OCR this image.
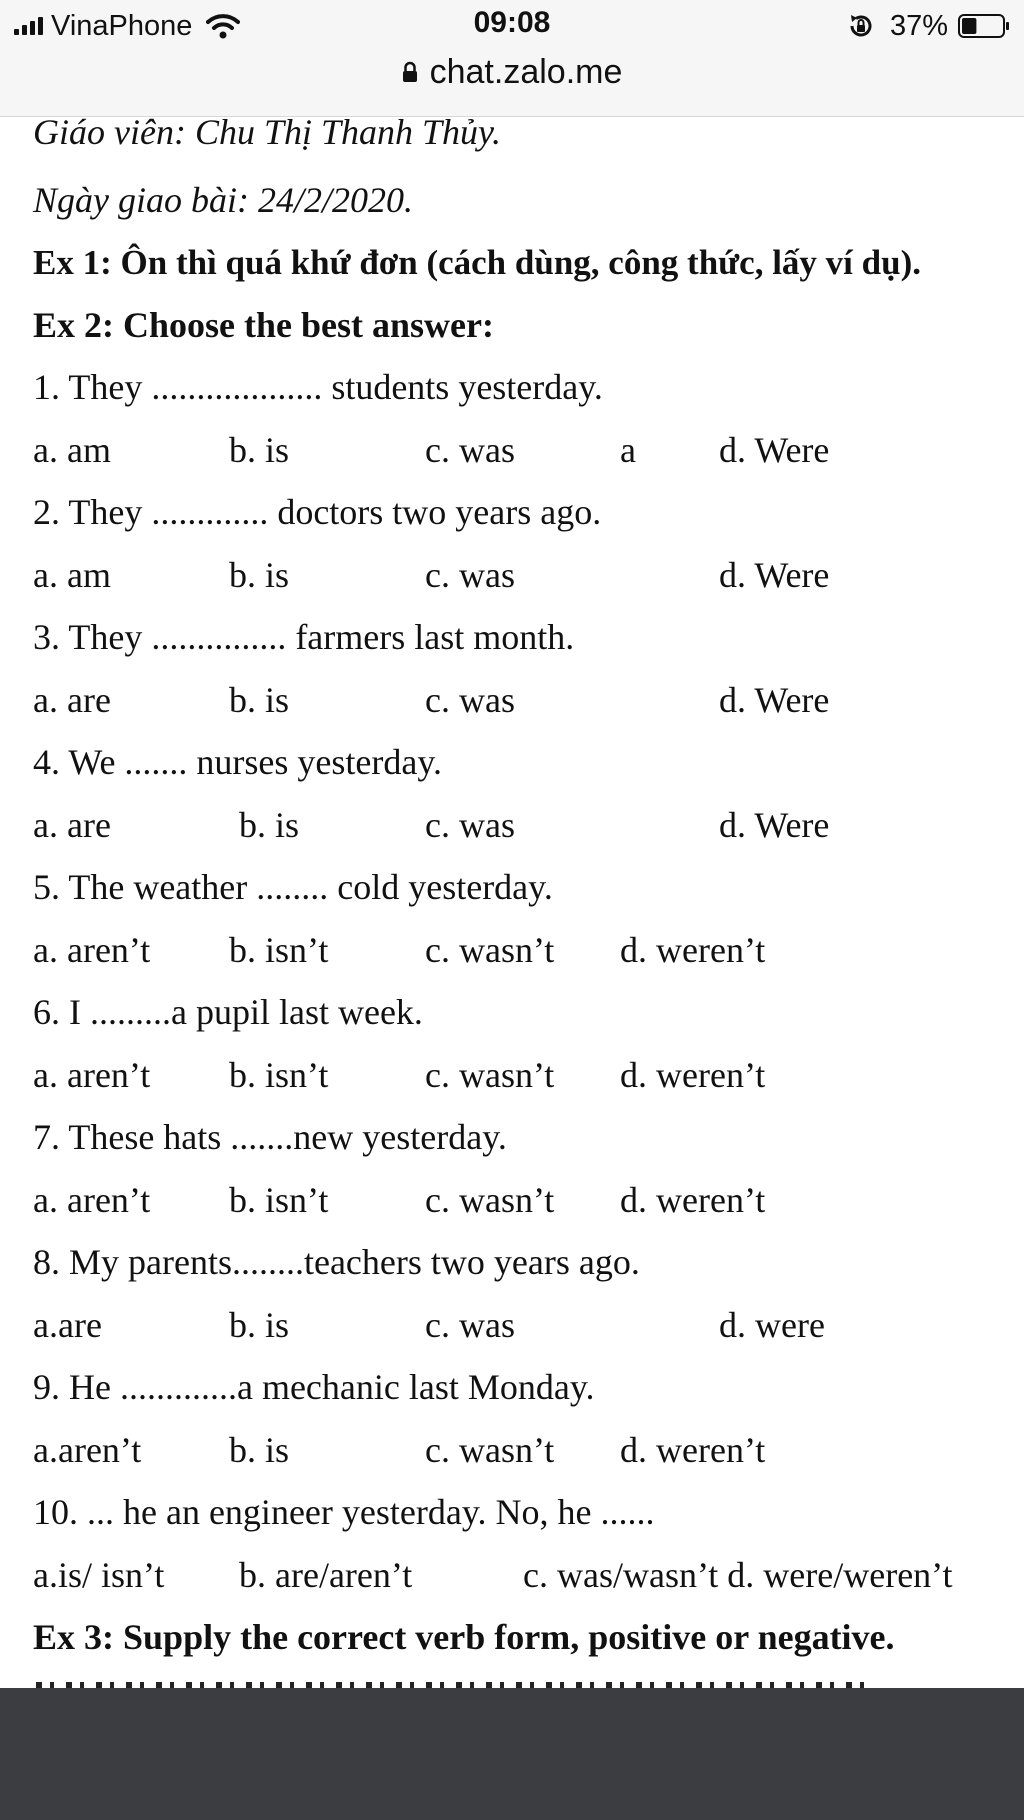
VinaPhone	09:08	37%
chat.zalo.me
Giáo viên: Chu Thị Thanh Thủy.
Ngày giao bài: 24/2/2020.
Ex 1: Ôn thì quá khứ đơn (cách dùng, công thức, lấy ví dụ).
Ex 2: Choose the best answer:
1. They ................... students yesterday.
a. am	b. is	c. was	a d. Were
2. They ............. doctors two years ago.
a. am	b. is	c. was	d. Were
3. They ............... farmers last month.
a. are	b. is	c. was	d. Were
4. We ....... nurses yesterday.
a. are	b. is	c. was	d. Were
5. The weather ........ cold yesterday.
a. aren’t b. isn’t	c. wasn’t d. weren’t
6. I .........a pupil last week.
a. aren’t b. isn’t	c. wasn’t d. weren’t
7. These hats .......new yesterday.
a. aren’t b. isn’t	c. wasn’t d. weren’t
8. My parents........teachers two years ago.
a.are	b. is	c. was	d. were
9. He .............a mechanic last Monday.
a.aren’t b. is	c. wasn’t d. weren’t
10. ... he an engineer yesterday. No, he ......
a.is/ isn’t b. are/aren’t	c. was/wasn’t d. were/weren’t
Ex 3: Supply the correct verb form, positive or negative.
